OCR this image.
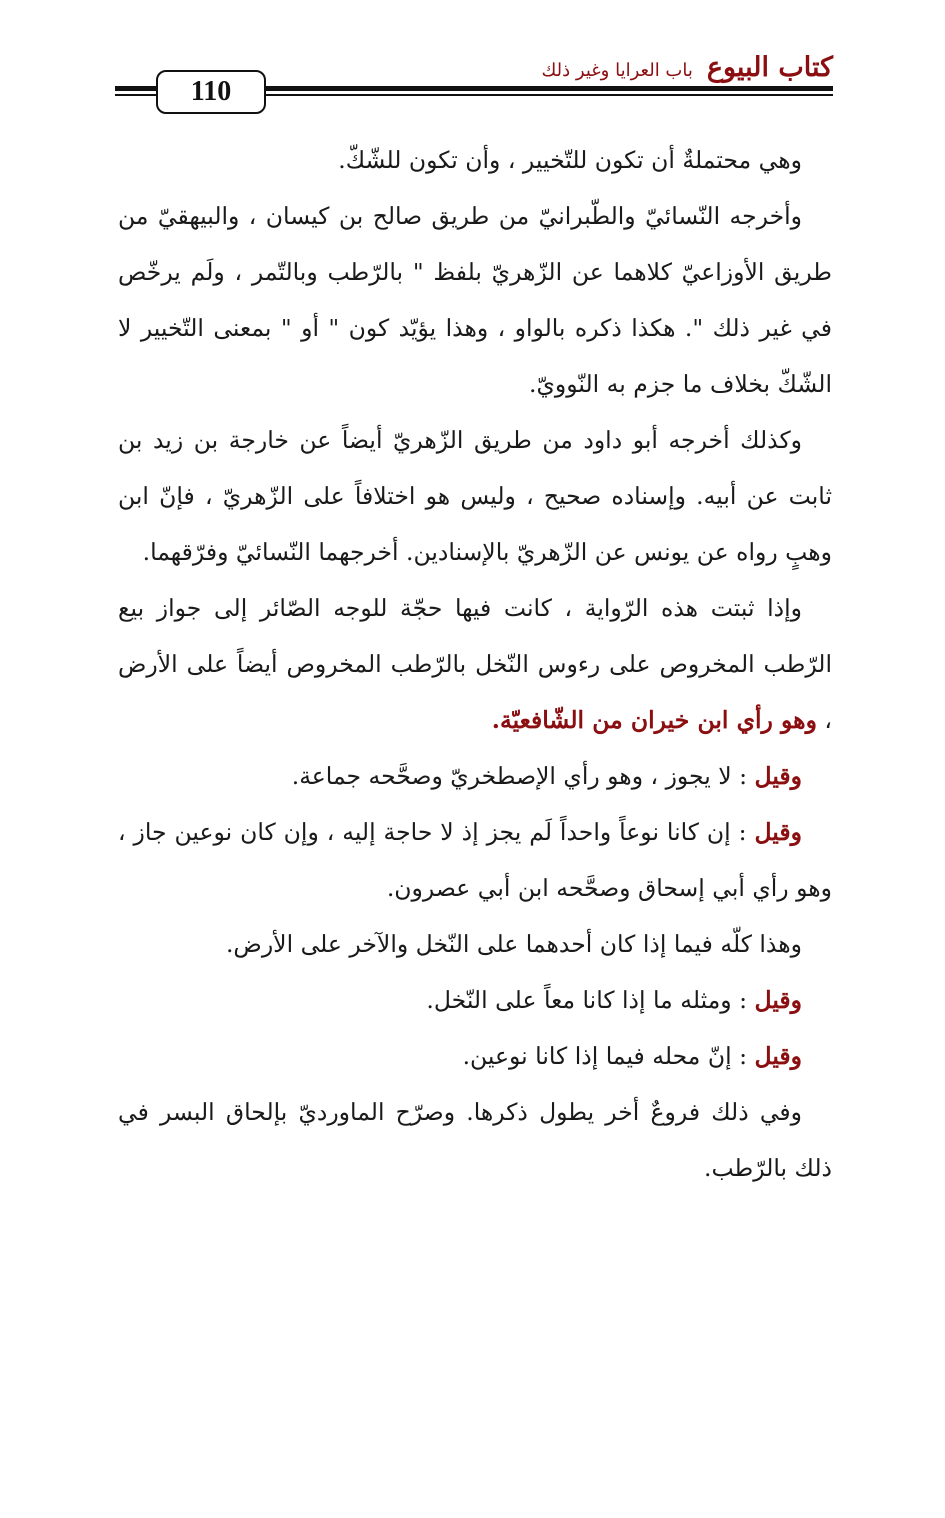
كتاب البيوع
باب العرايا وغير ذلك
110

وهي محتملةٌ أن تكون للتّخيير ، وأن تكون للشّكّ.

وأخرجه النّسائيّ والطّبرانيّ من طريق صالح بن كيسان ، والبيهقيّ من طريق الأوزاعيّ كلاهما عن الزّهريّ بلفظ " بالرّطب وبالتّمر ، ولَم يرخّص في غير ذلك ". هكذا ذكره بالواو ، وهذا يؤيّد كون " أو " بمعنى التّخيير لا الشّكّ بخلاف ما جزم به النّوويّ.

وكذلك أخرجه أبو داود من طريق الزّهريّ أيضاً عن خارجة بن زيد بن ثابت عن أبيه. وإسناده صحيح ، وليس هو اختلافاً على الزّهريّ ، فإنّ ابن وهبٍ رواه عن يونس عن الزّهريّ بالإسنادين. أخرجهما النّسائيّ وفرّقهما.

وإذا ثبتت هذه الرّواية ، كانت فيها حجّة للوجه الصّائر إلى جواز بيع الرّطب المخروص على رءوس النّخل بالرّطب المخروص أيضاً على الأرض ، وهو رأي ابن خيران من الشّافعيّة.

وقيل : لا يجوز ، وهو رأي الإصطخريّ وصحَّحه جماعة.

وقيل : إن كانا نوعاً واحداً لَم يجز إذ لا حاجة إليه ، وإن كان نوعين جاز ، وهو رأي أبي إسحاق وصحَّحه ابن أبي عصرون.

وهذا كلّه فيما إذا كان أحدهما على النّخل والآخر على الأرض.

وقيل : ومثله ما إذا كانا معاً على النّخل.

وقيل : إنّ محله فيما إذا كانا نوعين.

وفي ذلك فروعٌ أخر يطول ذكرها. وصرّح الماورديّ بإلحاق البسر في ذلك بالرّطب.
